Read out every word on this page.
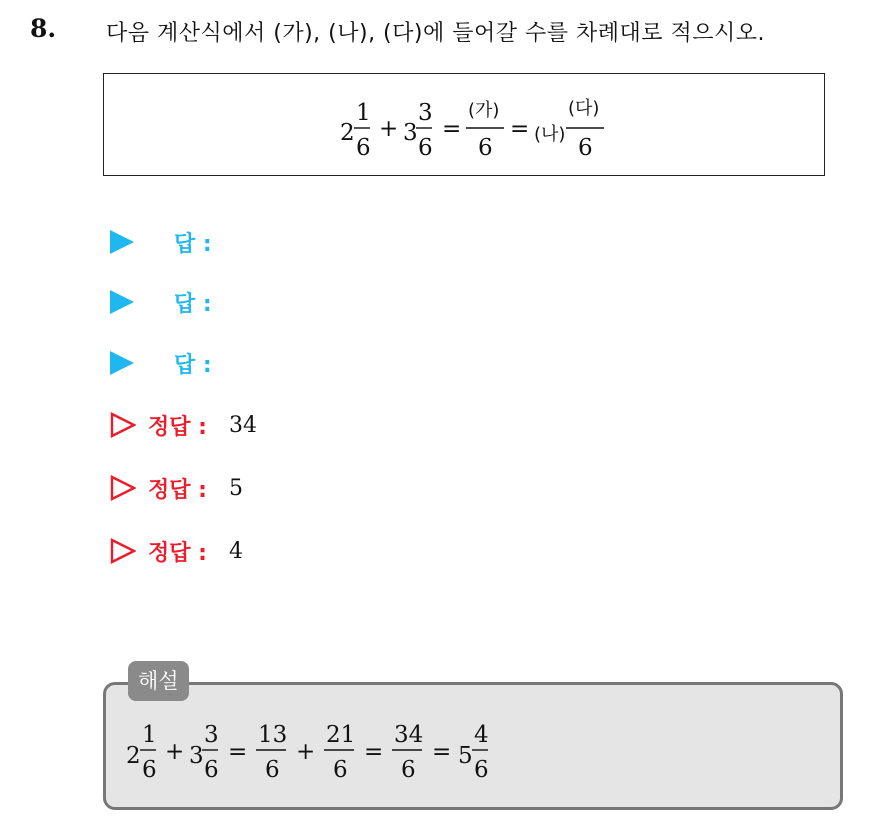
8. 다음 계산식에서 (가), (나), (다)에 들어갈 수를 차례대로 적으시오.
2
1
6
+ 3
3
6
=
(가)
6
= (나)
(다)
6
답 :
답 :
답 :
정답 : 34
정답 : 5
정답 : 4
2
1
6
+ 3
3
6
=
13
6
+
21
6
=
34
6
= 5
4
6
해설
